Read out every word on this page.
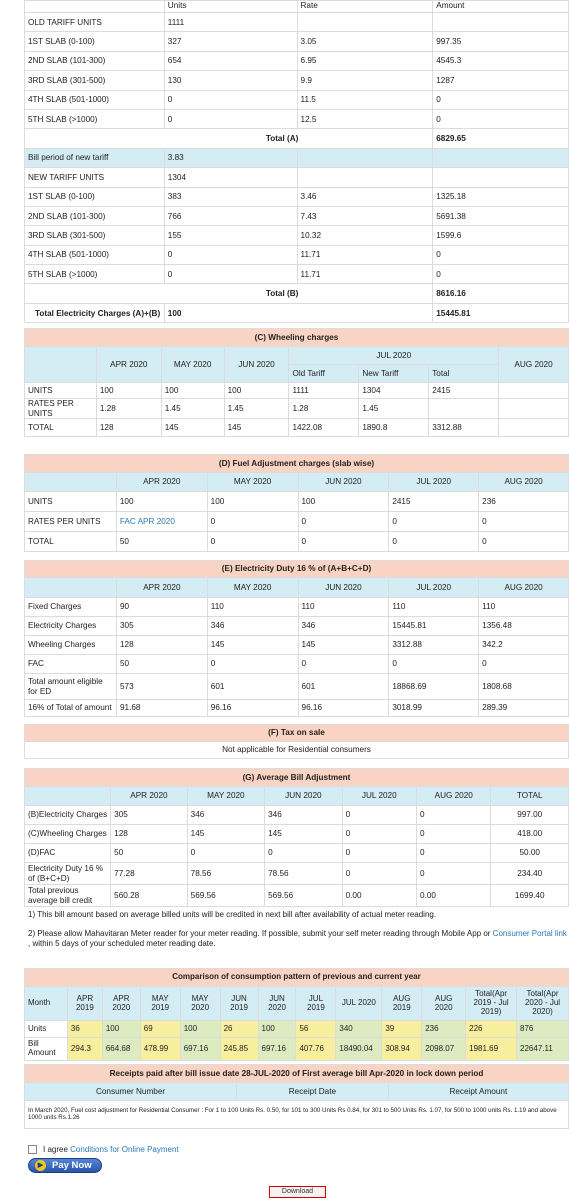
	Units	Rate	Amount
OLD TARIFF UNITS	1111		
1ST SLAB (0-100)	327	3.05	997.35
2ND SLAB (101-300)	654	6.95	4545.3
3RD SLAB (301-500)	130	9.9	1287
4TH SLAB (501-1000)	0	11.5	0
5TH SLAB (>1000)	0	12.5	0
Total (A)			6829.65
Bill period of new tariff	3.83		
NEW TARIFF UNITS	1304		
1ST SLAB (0-100)	383	3.46	1325.18
2ND SLAB (101-300)	766	7.43	5691.38
3RD SLAB (301-500)	155	10.32	1599.6
4TH SLAB (501-1000)	0	11.71	0
5TH SLAB (>1000)	0	11.71	0
Total (B)			8616.16
Total Electricity Charges (A)+(B)	100		15445.81
(C) Wheeling charges							
	APR 2020	MAY 2020	JUN 2020	JUL 2020			AUG 2020
				Old Tariff	New Tariff	Total	
UNITS	100	100	100	1111	1304	2415	
RATES PER UNITS	1.28	1.45	1.45	1.28	1.45		
TOTAL	128	145	145	1422.08	1890.8	3312.88	
(D) Fuel Adjustment charges (slab wise)					
	APR 2020	MAY 2020	JUN 2020	JUL 2020	AUG 2020
UNITS	100	100	100	2415	236
RATES PER UNITS	FAC APR 2020	0	0	0	0
TOTAL	50	0	0	0	0
(E) Electricity Duty 16 % of (A+B+C+D)					
	APR 2020	MAY 2020	JUN 2020	JUL 2020	AUG 2020
Fixed Charges	90	110	110	110	110
Electricity Charges	305	346	346	15445.81	1356.48
Wheeling Charges	128	145	145	3312.88	342.2
FAC	50	0	0	0	0
Total amount eligible for ED	573	601	601	18868.69	1808.68
16% of Total of amount	91.68	96.16	96.16	3018.99	289.39
(F) Tax on sale
Not applicable for Residential consumers
(G) Average Bill Adjustment						
	APR 2020	MAY 2020	JUN 2020	JUL 2020	AUG 2020	TOTAL
(B)Electricity Charges	305	346	346	0	0	997.00
(C)Wheeling Charges	128	145	145	0	0	418.00
(D)FAC	50	0	0	0	0	50.00
Electricity Duty 16 % of (B+C+D)	77.28	78.56	78.56	0	0	234.40
Total previous average bill credit	560.28	569.56	569.56	0.00	0.00	1699.40
1) This bill amount based on average billed units will be credited in next bill after availability of actual meter reading.
2) Please allow Mahavitaran Meter reader for your meter reading. If possible, submit your self meter reading through Mobile App or Consumer Portal link , within 5 days of your scheduled meter reading date.
Comparison of consumption pattern of previous and current year												
Month	APR 2019	APR 2020	MAY 2019	MAY 2020	JUN 2019	JUN 2020	JUL 2019	JUL 2020	AUG 2019	AUG 2020	Total(Apr 2019 - Jul 2019)	Total(Apr 2020 - Jul 2020)
Units	36	100	69	100	26	100	56	340	39	236	226	876
Bill Amount	294.3	664.68	478.99	697.16	245.85	697.16	407.76	18490.04	308.94	2098.07	1981.69	22647.11
Receipts paid after bill issue date 28-JUL-2020 of First average bill Apr-2020 in lock down period
Consumer Number	Receipt Date	Receipt Amount
In March 2020, Fuel cost adjustment for Residential Consumer : For 1 to 100 Units Rs. 0.50, for 101 to 300 Units Rs 0.84, for 301 to 500 Units Rs. 1.07, for 500 to 1000 units Rs. 1.19 and above 1000 units Rs.1.26
I agree Conditions for Online Payment
▶ Pay Now
Download
